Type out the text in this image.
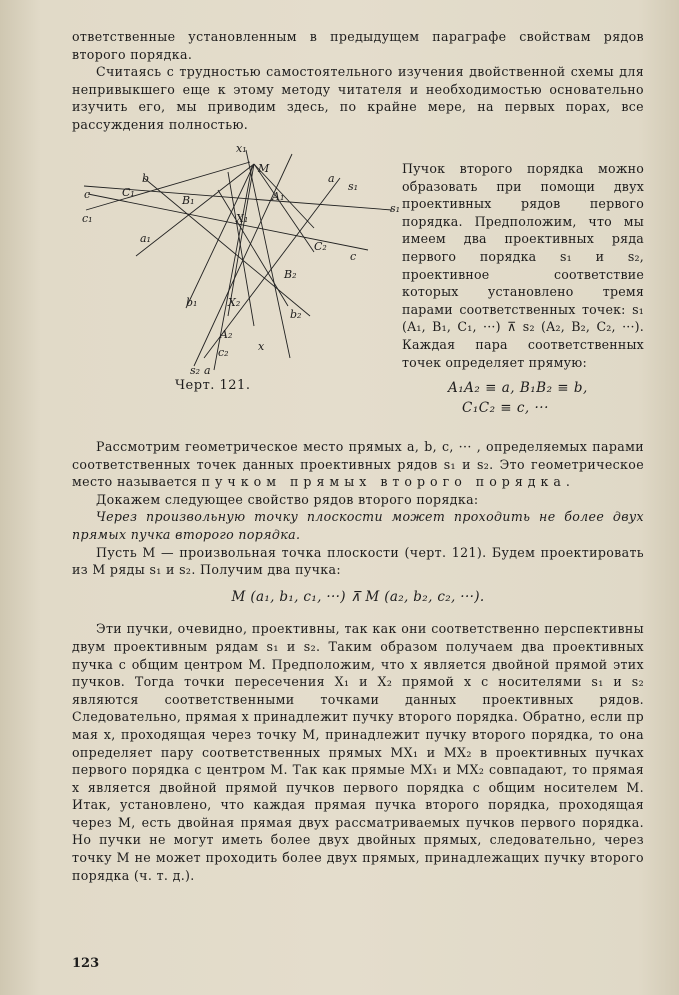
ответственные установленным в предыдущем параграфе свойствам рядов второго порядка.

Считаясь с трудностью самостоятельного изучения двойственной схемы для непривыкшего еще к этому методу читателя и необходимостью основательно изучить его, мы приводим здесь, по крайне мере, на первых порах, все рассуждения полностью.

x₁
M
a
b
s₁
s₁
c	C₁
B₁	A₁
c₁
a₁
X₁
C₂
B₂
c
b₁	X₂
b₂
A₂
x
c₂
s₂ a
Пучок второго порядка можно образовать при помощи двух проективных рядов первого порядка. Предположим, что мы имеем два проективных ряда первого порядка s₁ и s₂, проективное соответствие которых установлено тремя парами соответственных точек: s₁ (A₁, B₁, C₁, ···) ⊼ s₂ (A₂, B₂, C₂, ···). Каждая пара соответственных точек определяет прямую:
Черт. 121.	A₁A₂ ≡ a, B₁B₂ ≡ b,
C₁C₂ ≡ c, ···

Рассмотрим геометрическое место прямых a, b, c, ··· , определяемых парами соответственных точек данных проективных рядов s₁ и s₂. Это геометрическое место называется пучком прямых второго порядка.

Докажем следующее свойство рядов второго порядка:

Через произвольную точку плоскости может проходить не более двух прямых пучка второго порядка.

Пусть M — произвольная точка плоскости (черт. 121). Будем проектировать из M ряды s₁ и s₂. Получим два пучка:

M (a₁, b₁, c₁, ···) ⊼ M (a₂, b₂, c₂, ···).

Эти пучки, очевидно, проективны, так как они соответственно перспективны двум проективным рядам s₁ и s₂. Таким образом получаем два проективных пучка с общим центром M. Предположим, что x является двойной прямой этих пучков. Тогда точки пересечения X₁ и X₂ прямой x с носителями s₁ и s₂ являются соответственными точками данных проективных рядов. Следовательно, прямая x принадлежит пучку второго порядка. Обратно, если пр мая x, проходящая через точку M, принадлежит пучку второго порядка, то она определяет пару соответственных прямых MX₁ и MX₂ в проективных пучках первого порядка с центром M. Так как прямые MX₁ и MX₂ совпадают, то прямая x является двойной прямой пучков первого порядка с общим носителем M. Итак, установлено, что каждая прямая пучка второго порядка, проходящая через M, есть двойная прямая двух рассматриваемых пучков первого порядка. Но пучки не могут иметь более двух двойных прямых, следовательно, через точку M не может проходить более двух прямых, принадлежащих пучку второго порядка (ч. т. д.).

123
